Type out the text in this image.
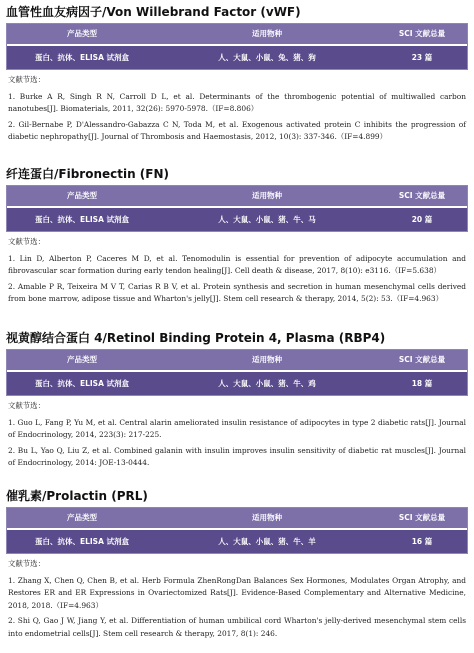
血管性血友病因子/Von Willebrand Factor (vWF)
产品类型	适用物种	SCI 文献总量
蛋白、抗体、ELISA 试剂盒	人、大鼠、小鼠、兔、猪、狗	23 篇
文献节选：
1. Burke A R, Singh R N, Carroll D L, et al. Determinants of the thrombogenic potential of multiwalled carbon nanotubes[J]. Biomaterials, 2011, 32(26): 5970-5978.（IF=8.806）
2. Gil‐Bernabe P, D'Alessandro‐Gabazza C N, Toda M, et al. Exogenous activated protein C inhibits the progression of diabetic nephropathy[J]. Journal of Thrombosis and Haemostasis, 2012, 10(3): 337-346.（IF=4.899）
纤连蛋白/Fibronectin (FN)
产品类型	适用物种	SCI 文献总量
蛋白、抗体、ELISA 试剂盒	人、大鼠、小鼠、猪、牛、马	20 篇
文献节选：
1. Lin D, Alberton P, Caceres M D, et al. Tenomodulin is essential for prevention of adipocyte accumulation and fibrovascular scar formation during early tendon healing[J]. Cell death & disease, 2017, 8(10): e3116.（IF=5.638）
2. Amable P R, Teixeira M V T, Carias R B V, et al. Protein synthesis and secretion in human mesenchymal cells derived from bone marrow, adipose tissue and Wharton's jelly[J]. Stem cell research & therapy, 2014, 5(2): 53.（IF=4.963）
视黄醇结合蛋白 4/Retinol Binding Protein 4, Plasma (RBP4)
产品类型	适用物种	SCI 文献总量
蛋白、抗体、ELISA 试剂盒	人、大鼠、小鼠、猪、牛、鸡	18 篇
文献节选：
1. Guo L, Fang P, Yu M, et al. Central alarin ameliorated insulin resistance of adipocytes in type 2 diabetic rats[J]. Journal of Endocrinology, 2014, 223(3): 217-225.
2. Bu L, Yao Q, Liu Z, et al. Combined galanin with insulin improves insulin sensitivity of diabetic rat muscles[J]. Journal of Endocrinology, 2014: JOE-13-0444.
催乳素/Prolactin (PRL)
产品类型	适用物种	SCI 文献总量
蛋白、抗体、ELISA 试剂盒	人、大鼠、小鼠、猪、牛、羊	16 篇
文献节选：
1. Zhang X, Chen Q, Chen B, et al. Herb Formula ZhenRongDan Balances Sex Hormones, Modulates Organ Atrophy, and Restores ER and ER Expressions in Ovariectomized Rats[J]. Evidence-Based Complementary and Alternative Medicine, 2018, 2018.（IF=4.963）
2. Shi Q, Gao J W, Jiang Y, et al. Differentiation of human umbilical cord Wharton's jelly-derived mesenchymal stem cells into endometrial cells[J]. Stem cell research & therapy, 2017, 8(1): 246.
